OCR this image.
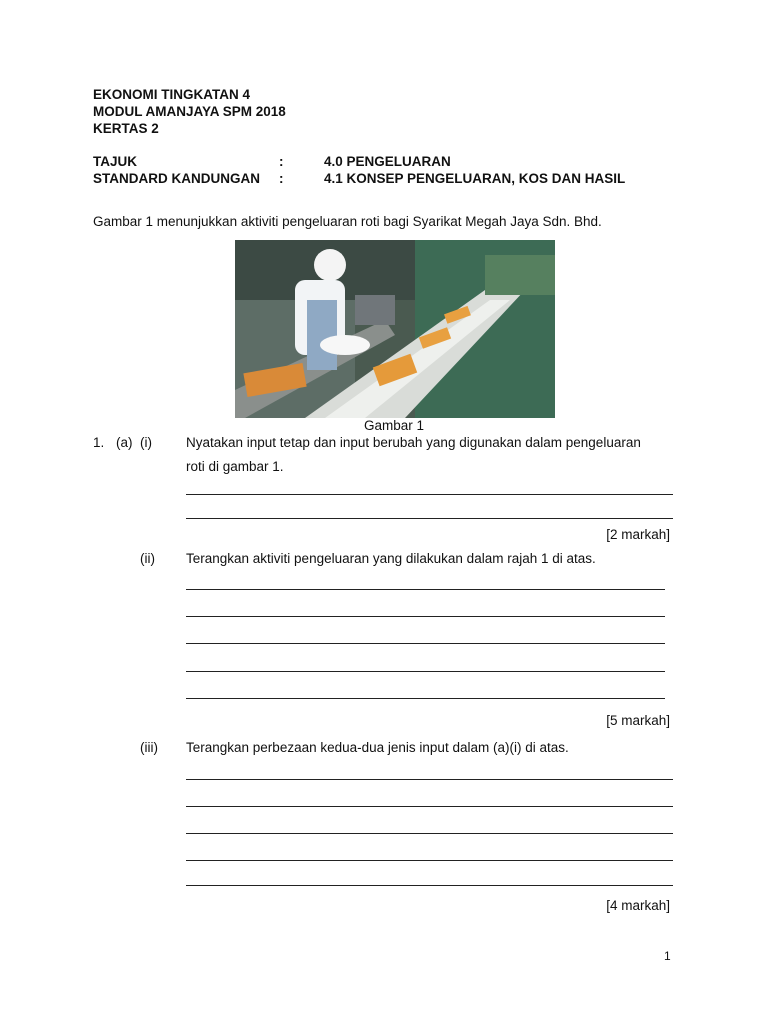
EKONOMI TINGKATAN 4
MODUL AMANJAYA SPM 2018
KERTAS 2
TAJUK	:	4.0 PENGELUARAN
STANDARD KANDUNGAN :	4.1 KONSEP PENGELUARAN, KOS DAN HASIL
Gambar 1 menunjukkan aktiviti pengeluaran roti bagi Syarikat Megah Jaya Sdn. Bhd.
Gambar 1
1. (a) (i)	Nyatakan input tetap dan input berubah yang digunakan dalam pengeluaran
roti di gambar 1.
[2 markah]
(ii) Terangkan aktiviti pengeluaran yang dilakukan dalam rajah 1 di atas.
[5 markah]
(iii) Terangkan perbezaan kedua-dua jenis input dalam (a)(i) di atas.
[4 markah]
1
